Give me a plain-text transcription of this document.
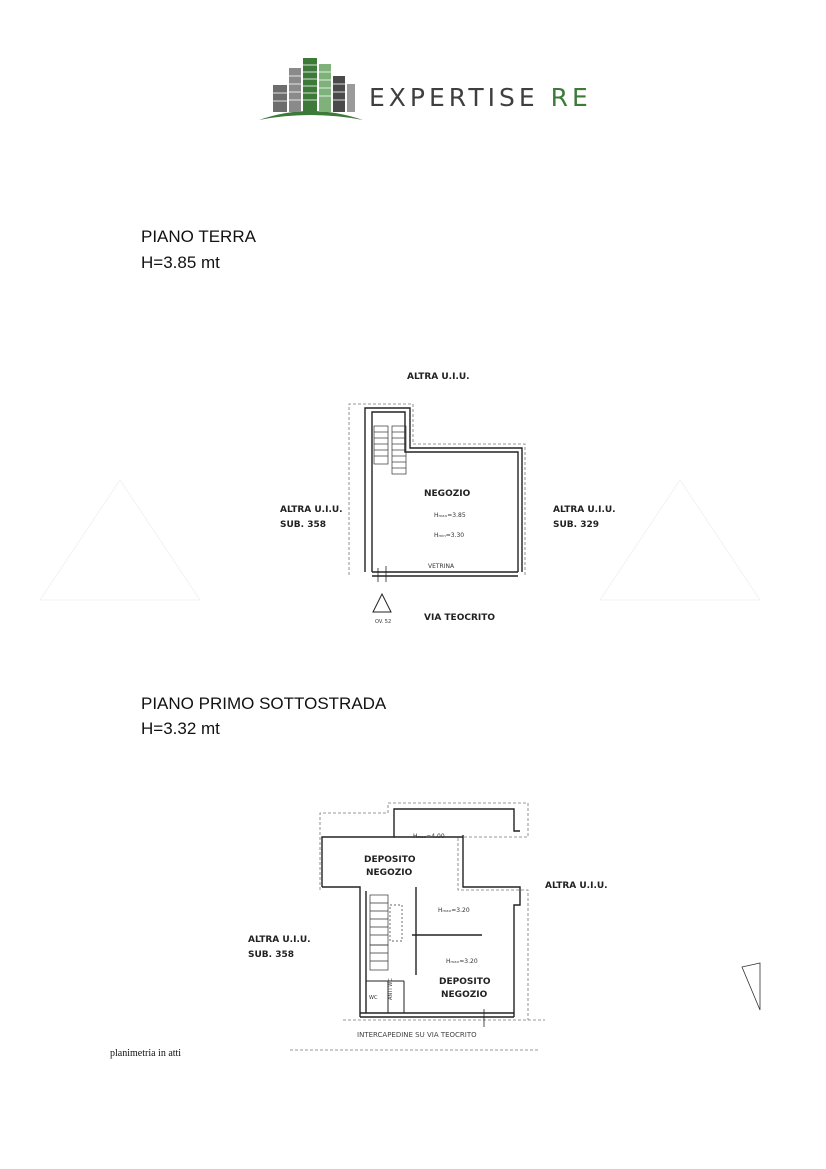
EXPERTISE RE
PIANO TERRA
H=3.85 mt
ALTRA U.I.U.
ALTRA U.I.U.
SUB. 358
ALTRA U.I.U.
SUB. 329
NEGOZIO
Hₘₐₓ=3.85
Hₘᵢₙ=3.30
VETRINA
VIA TEOCRITO
OV. 52
PIANO PRIMO SOTTOSTRADA
H=3.32 mt
ALTRA U.I.U.
ALTRA U.I.U.
SUB. 358
DEPOSITO
NEGOZIO
DEPOSITO
NEGOZIO
Hₘₐₓ=4.00
Hₘₐₓ=3.20
Hₘₐₓ=3.20
WC ANTI WC
INTERCAPEDINE SU VIA TEOCRITO
planimetria in atti
